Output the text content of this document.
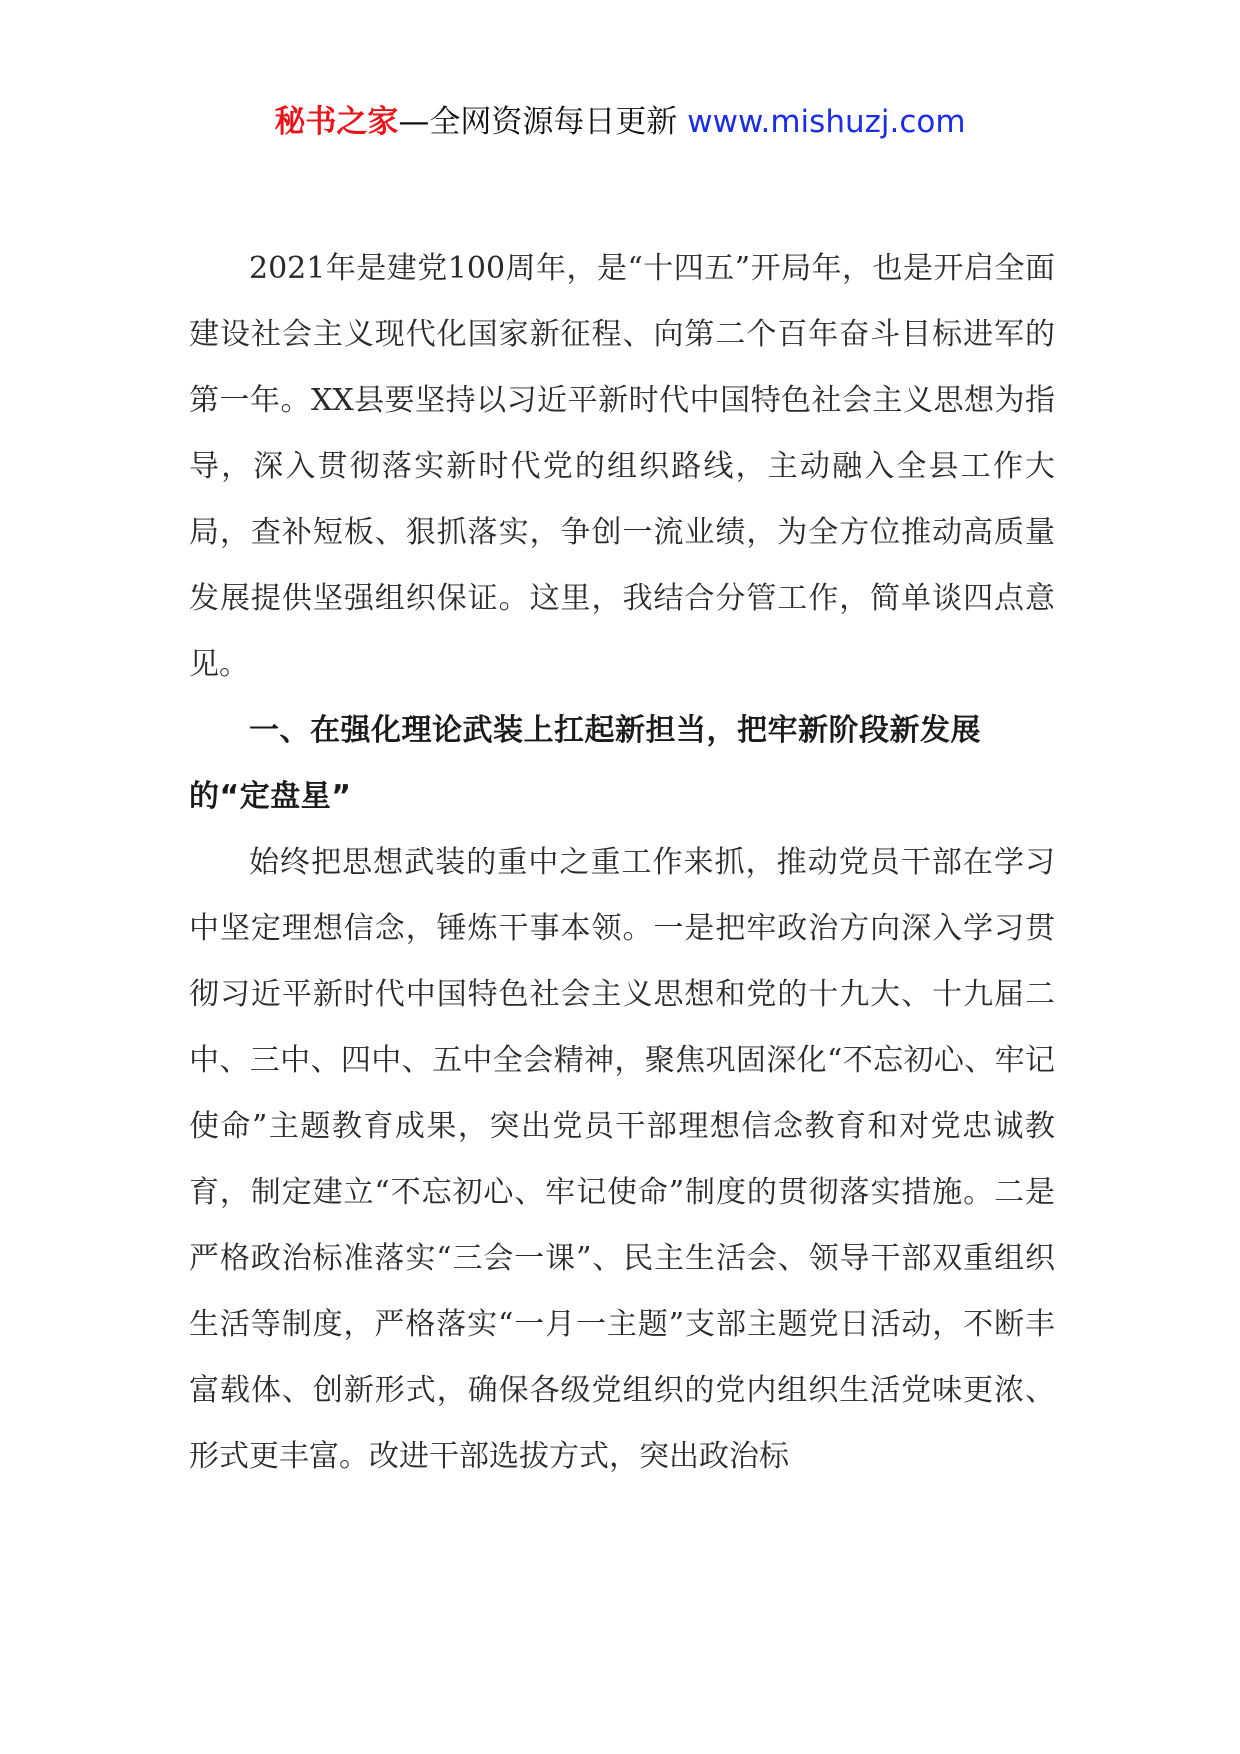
秘书之家—全网资源每日更新 www.mishuzj.com

2021年是建党100周年，是“十四五”开局年，也是开启全面建设社会主义现代化国家新征程、向第二个百年奋斗目标进军的第一年。XX县要坚持以习近平新时代中国特色社会主义思想为指导，深入贯彻落实新时代党的组织路线，主动融入全县工作大局，查补短板、狠抓落实，争创一流业绩，为全方位推动高质量发展提供坚强组织保证。这里，我结合分管工作，简单谈四点意见。

一、在强化理论武装上扛起新担当，把牢新阶段新发展的“定盘星”

始终把思想武装的重中之重工作来抓，推动党员干部在学习中坚定理想信念，锤炼干事本领。一是把牢政治方向深入学习贯彻习近平新时代中国特色社会主义思想和党的十九大、十九届二中、三中、四中、五中全会精神，聚焦巩固深化“不忘初心、牢记使命”主题教育成果，突出党员干部理想信念教育和对党忠诚教育，制定建立“不忘初心、牢记使命”制度的贯彻落实措施。二是严格政治标准落实“三会一课”、民主生活会、领导干部双重组织生活等制度，严格落实“一月一主题”支部主题党日活动，不断丰富载体、创新形式，确保各级党组织的党内组织生活党味更浓、形式更丰富。改进干部选拔方式，突出政治标
